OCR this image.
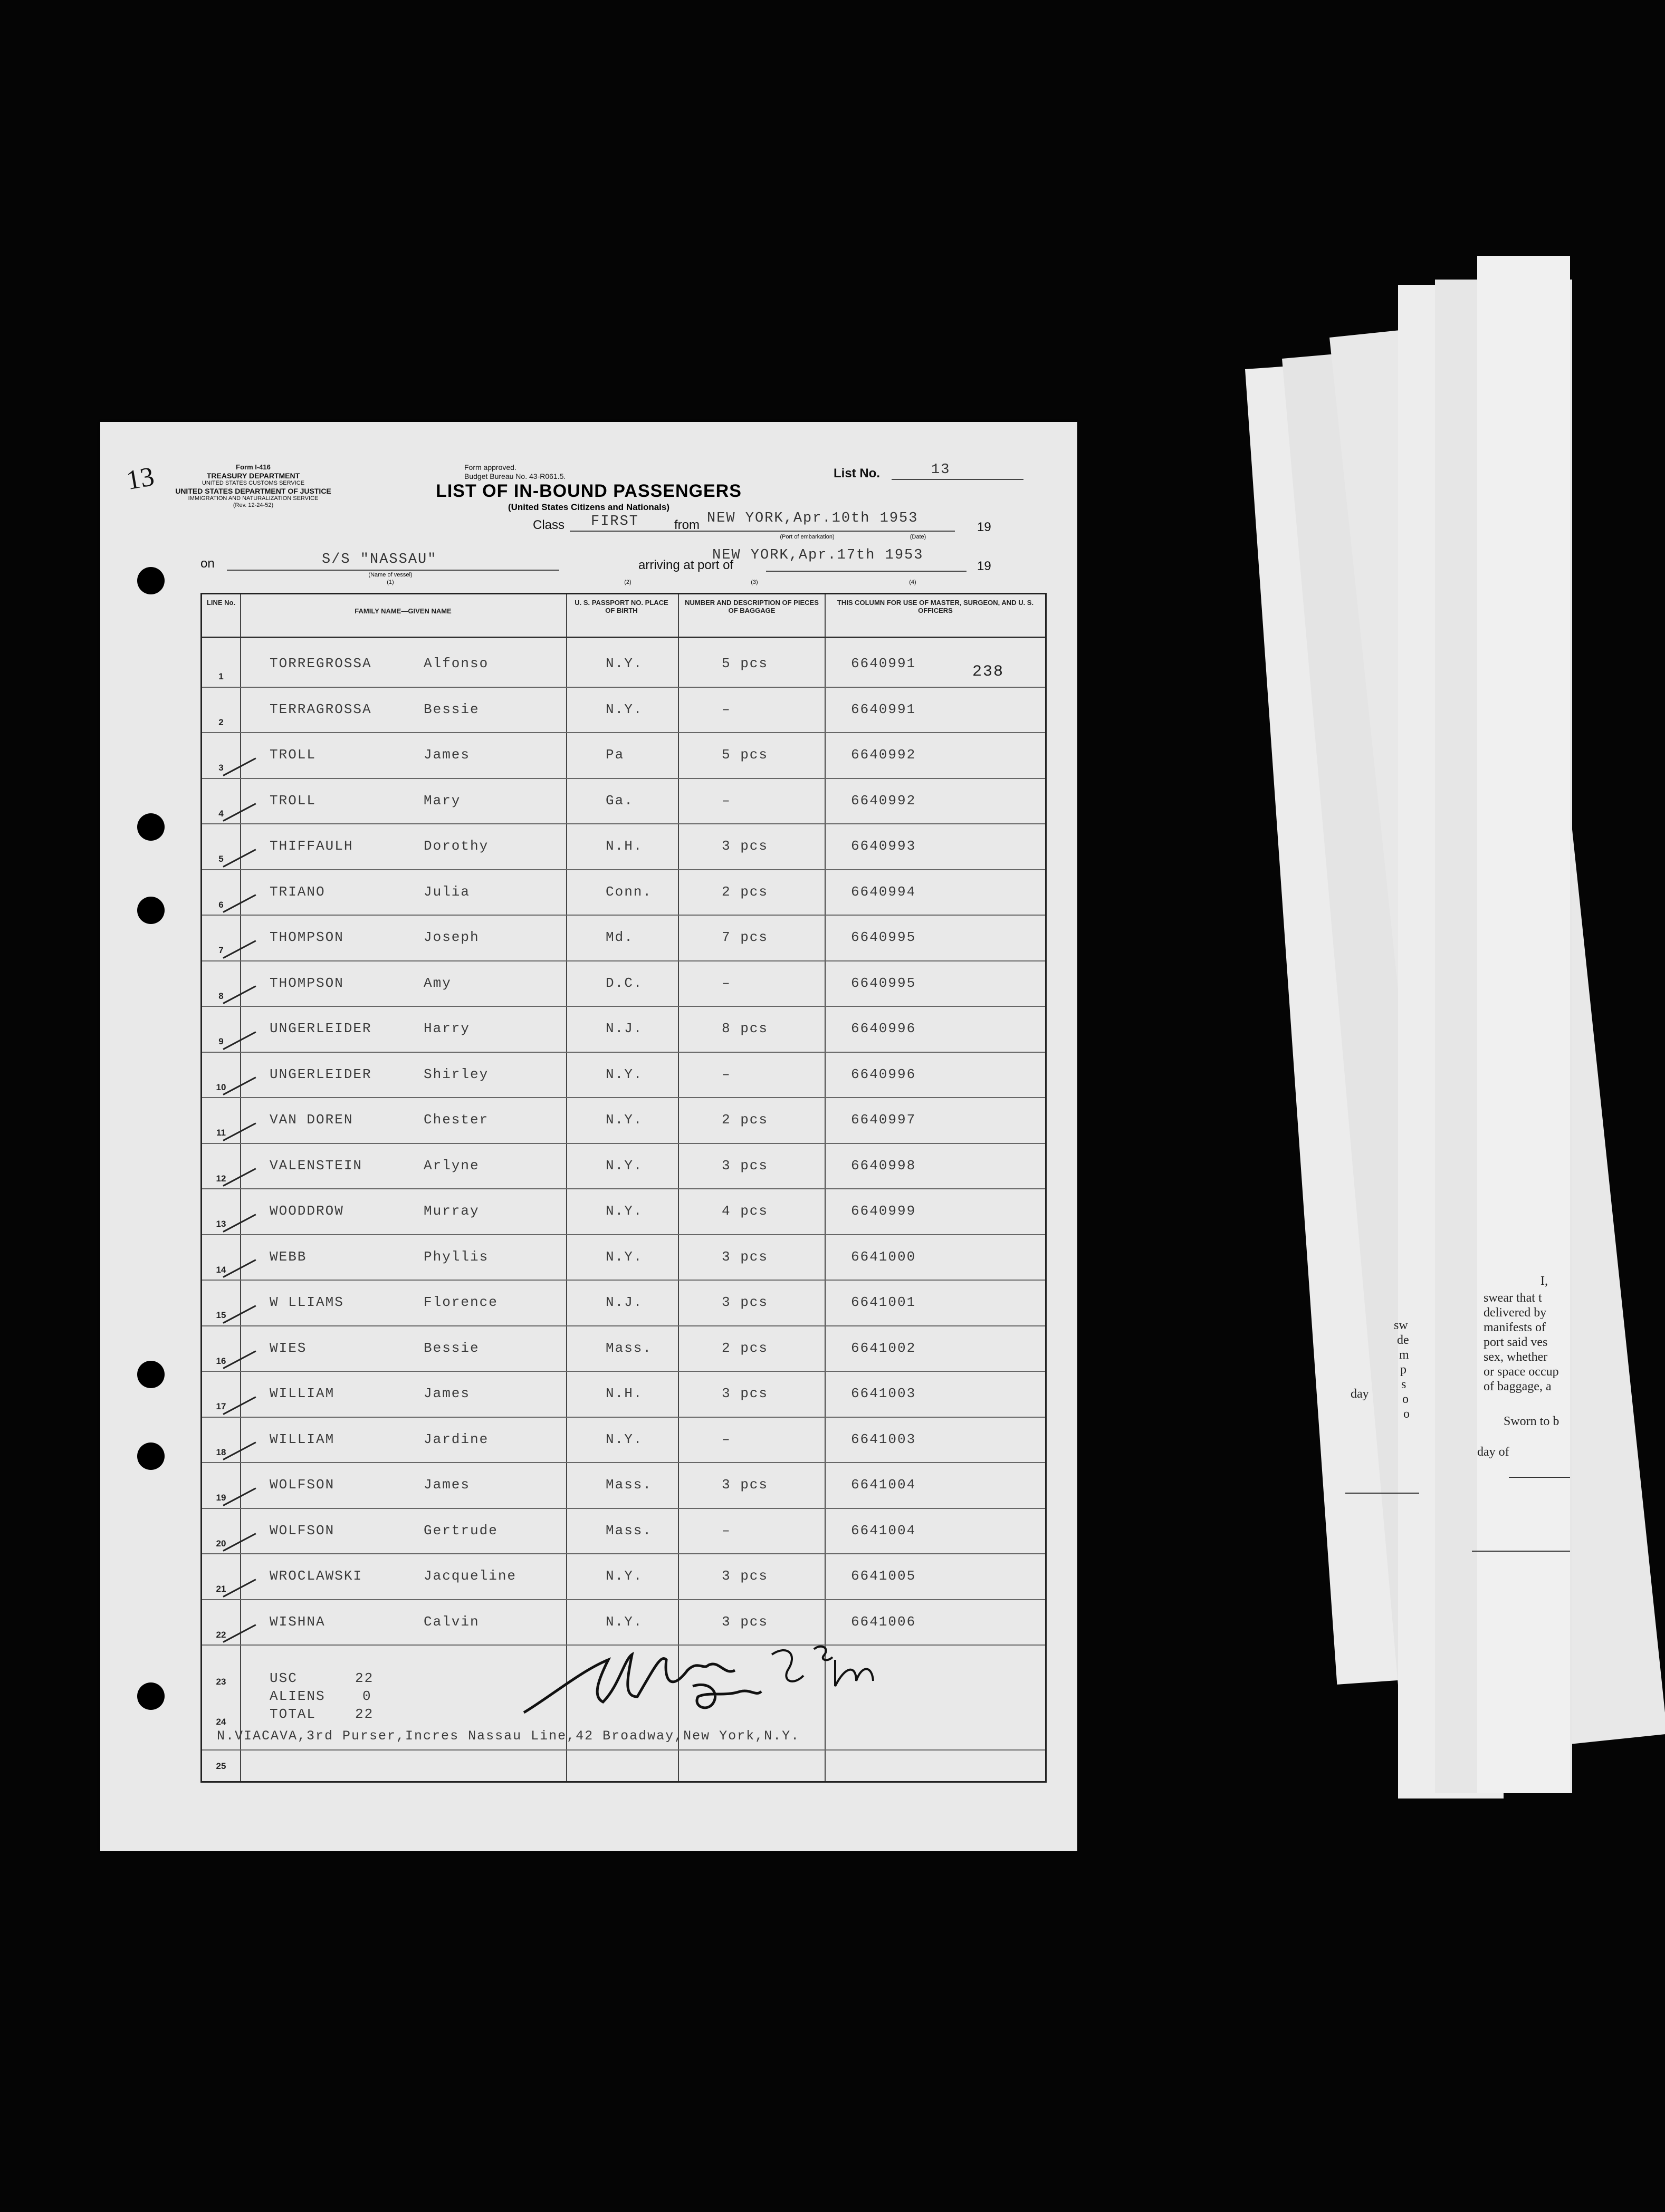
I,
swear that t
delivered by
manifests of
port said ves
sex, whether
or space occup
of baggage, a
Sworn to b
day of
day
sw
de
m
p
s
o
o
13	Form I-416
TREASURY DEPARTMENT
UNITED STATES CUSTOMS SERVICE
UNITED STATES DEPARTMENT OF JUSTICE
IMMIGRATION AND NATURALIZATION SERVICE
(Rev. 12-24-52)
Form approved.
Budget Bureau No. 43-R061.5.	List No.	13
LIST OF IN-BOUND PASSENGERS
(United States Citizens and Nationals)
Class FIRST	from NEW YORK,Apr.10th 1953
19
(Port of embarkation)	(Date)
on	S/S "NASSAU"
(Name of vessel)
(1)
arriving at port of
NEW YORK,Apr.17th 1953
19
(2)	(3)	(4)
LINE No.
FAMILY NAME—GIVEN NAME
U. S. PASSPORT NO. PLACE OF BIRTH
NUMBER AND DESCRIPTION OF PIECES OF BAGGAGE
THIS COLUMN FOR USE OF MASTER, SURGEON, AND U. S. OFFICERS
238
1
TORREGROSSA	Alfonso	N.Y.	5 pcs	6640991
2
TERRAGROSSA	Bessie	N.Y.	–	6640991
3
TROLL	James	Pa	5 pcs	6640992
4
TROLL	Mary	Ga.	–	6640992
5
THIFFAULH	Dorothy	N.H.	3 pcs	6640993
6
TRIANO	Julia	Conn.	2 pcs	6640994
7
THOMPSON	Joseph	Md.	7 pcs	6640995
8
THOMPSON	Amy	D.C.	–	6640995
9
UNGERLEIDER	Harry	N.J.	8 pcs	6640996
10
UNGERLEIDER	Shirley	N.Y.	–	6640996
11
VAN DOREN	Chester	N.Y.	2 pcs	6640997
12
VALENSTEIN	Arlyne	N.Y.	3 pcs	6640998
13
WOODDROW	Murray	N.Y.	4 pcs	6640999
14
WEBB	Phyllis	N.Y.	3 pcs	6641000
15
W LLIAMS	Florence	N.J.	3 pcs	6641001
16
WIES	Bessie	Mass.	2 pcs	6641002
17
WILLIAM	James	N.H.	3 pcs	6641003
18
WILLIAM	Jardine	N.Y.	–	6641003
19
WOLFSON	James	Mass.	3 pcs	6641004
20
WOLFSON	Gertrude	Mass.	–	6641004
21
WROCLAWSKI	Jacqueline	N.Y.	3 pcs	6641005
22
WISHNA	Calvin	N.Y.	3 pcs	6641006
23	USC	22
ALIENS	0
24	TOTAL	22
N.VIACAVA,3rd Purser,Incres Nassau Line,42 Broadway,New York,N.Y.
25
